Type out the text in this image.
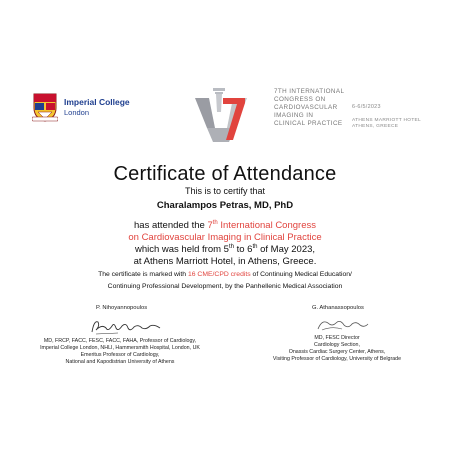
Imperial College
London
7TH INTERNATIONAL
CONGRESS ON
CARDIOVASCULAR
IMAGING IN
CLINICAL PRACTICE
6-6/5/2023
ATHENS MARRIOTT HOTEL
ATHENS, GREECE
Certificate of Attendance
This is to certify that
Charalampos Petras, MD, PhD
has attended the 7th International Congress
on Cardiovascular Imaging in Clinical Practice
which was held from 5th to 6th of May 2023,
at Athens Marriott Hotel, in Athens, Greece.
The certificate is marked with 16 CME/CPD credits of Continuing Medical Education/
Continuing Professional Development, by the Panhellenic Medical Association
P. Nihoyannopoulos
MD, FRCP, FACC, FESC, FACC, FAHA, Professor of Cardiology,
Imperial College London, NHLI, Hammersmith Hospital, London, UK
Emeritus Professor of Cardiology,
National and Kapodistrian University of Athens
G. Athanassopoulos
MD, FESC Director
Cardiology Section,
Onassis Cardiac Surgery Center, Athens,
Visiting Professor of Cardiology, University of Belgrade
